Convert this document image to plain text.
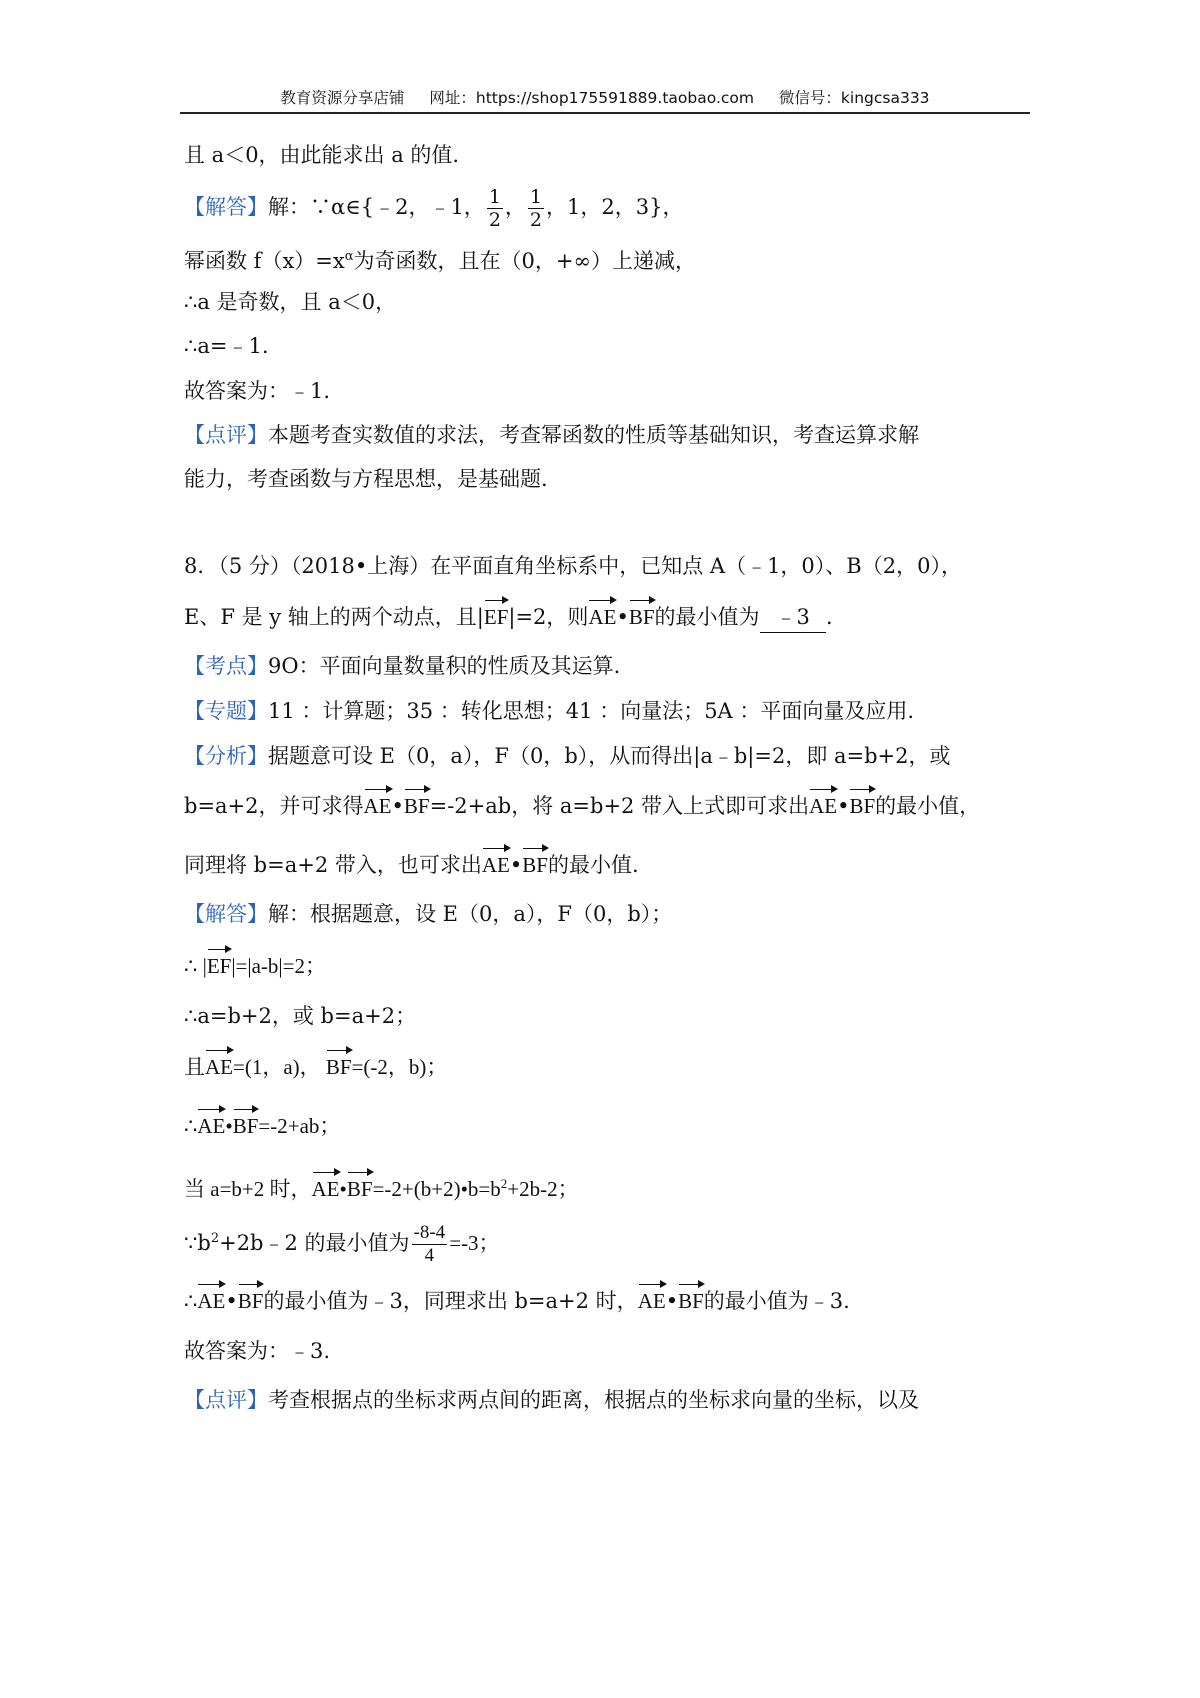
教育资源分享店铺 网址：https://shop175591889.taobao.com 微信号：kingcsa333
且 a＜0，由此能求出 a 的值.
【解答】解：∵α∈{﹣2，﹣1， $\frac{1}{2}$ ， $\frac{1}{2}$ ，1，2，3}，
幂函数 $f(x)=x^\alpha$为奇函数，且在（0，+∞）上递减，
∴a 是奇数，且 a＜0，
∴a=﹣1.
故答案为：﹣1.
【点评】本题考查实数值的求法，考查幂函数的性质等基础知识，考查运算求解
能力，考查函数与方程思想，是基础题.
8．（5 分）（2018•上海）在平面直角坐标系中，已知点 A（﹣1，0）、B（2，0），
E、F 是 y 轴上的两个动点，且|EF|=2，则AE•BF的最小值为 ﹣3 .
【考点】9O：平面向量数量积的性质及其运算.
【专题】11 ：计算题；35 ：转化思想；41 ：向量法；5A ：平面向量及应用.
【分析】据题意可设 E（0，a），F（0，b），从而得出|a﹣b|=2，即 a=b+2，或
b=a+2，并可求得AE•BF=-2+ab，将 a=b+2 带入上式即可求出AE•BF的最小值，
同理将 b=a+2 带入，也可求出AE•BF的最小值.
【解答】解：根据题意，设 E（0，a），F（0，b）；
∴ |EF|=|a-b|=2；
∴a=b+2，或 b=a+2；
且AE=(1，a)， BF=(-2，b)；
∴AE•BF=-2+ab；
当 a=b+2 时，$AE•BF=-2+(b+2)•b=b^2+2b-2$；
$\because b^2+2b﹣2$ 的最小值为 $\frac{-8-4}{4} =-3$；
∴AE•BF的最小值为﹣3，同理求出 b=a+2 时，AE•BF的最小值为﹣3.
故答案为：﹣3.
【点评】考查根据点的坐标求两点间的距离，根据点的坐标求向量的坐标，以及
